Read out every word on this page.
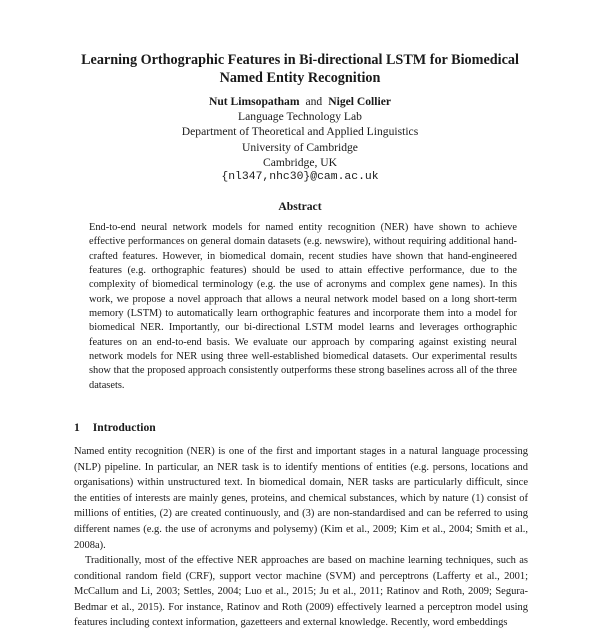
Learning Orthographic Features in Bi-directional LSTM for Biomedical Named Entity Recognition
Nut Limsopatham and Nigel Collier
Language Technology Lab
Department of Theoretical and Applied Linguistics
University of Cambridge
Cambridge, UK
{nl347,nhc30}@cam.ac.uk
Abstract

End-to-end neural network models for named entity recognition (NER) have shown to achieve effective performances on general domain datasets (e.g. newswire), without requiring additional hand-crafted features. However, in biomedical domain, recent studies have shown that hand-engineered features (e.g. orthographic features) should be used to attain effective performance, due to the complexity of biomedical terminology (e.g. the use of acronyms and complex gene names). In this work, we propose a novel approach that allows a neural network model based on a long short-term memory (LSTM) to automatically learn orthographic features and incorporate them into a model for biomedical NER. Importantly, our bi-directional LSTM model learns and leverages orthographic features on an end-to-end basis. We evaluate our approach by comparing against existing neural network models for NER using three well-established biomedical datasets. Our experimental results show that the proposed approach consistently outperforms these strong baselines across all of the three datasets.

1 Introduction

Named entity recognition (NER) is one of the first and important stages in a natural language processing (NLP) pipeline. In particular, an NER task is to identify mentions of entities (e.g. persons, locations and organisations) within unstructured text. In biomedical domain, NER tasks are particularly difficult, since the entities of interests are mainly genes, proteins, and chemical substances, which by nature (1) consist of millions of entities, (2) are created continuously, and (3) are non-standardised and can be referred to using different names (e.g. the use of acronyms and polysemy) (Kim et al., 2009; Kim et al., 2004; Smith et al., 2008a).

Traditionally, most of the effective NER approaches are based on machine learning techniques, such as conditional random field (CRF), support vector machine (SVM) and perceptrons (Lafferty et al., 2001; McCallum and Li, 2003; Settles, 2004; Luo et al., 2015; Ju et al., 2011; Ratinov and Roth, 2009; Segura-Bedmar et al., 2015). For instance, Ratinov and Roth (2009) effectively learned a perceptron model using features including context information, gazetteers and external knowledge. Recently, word embeddings
